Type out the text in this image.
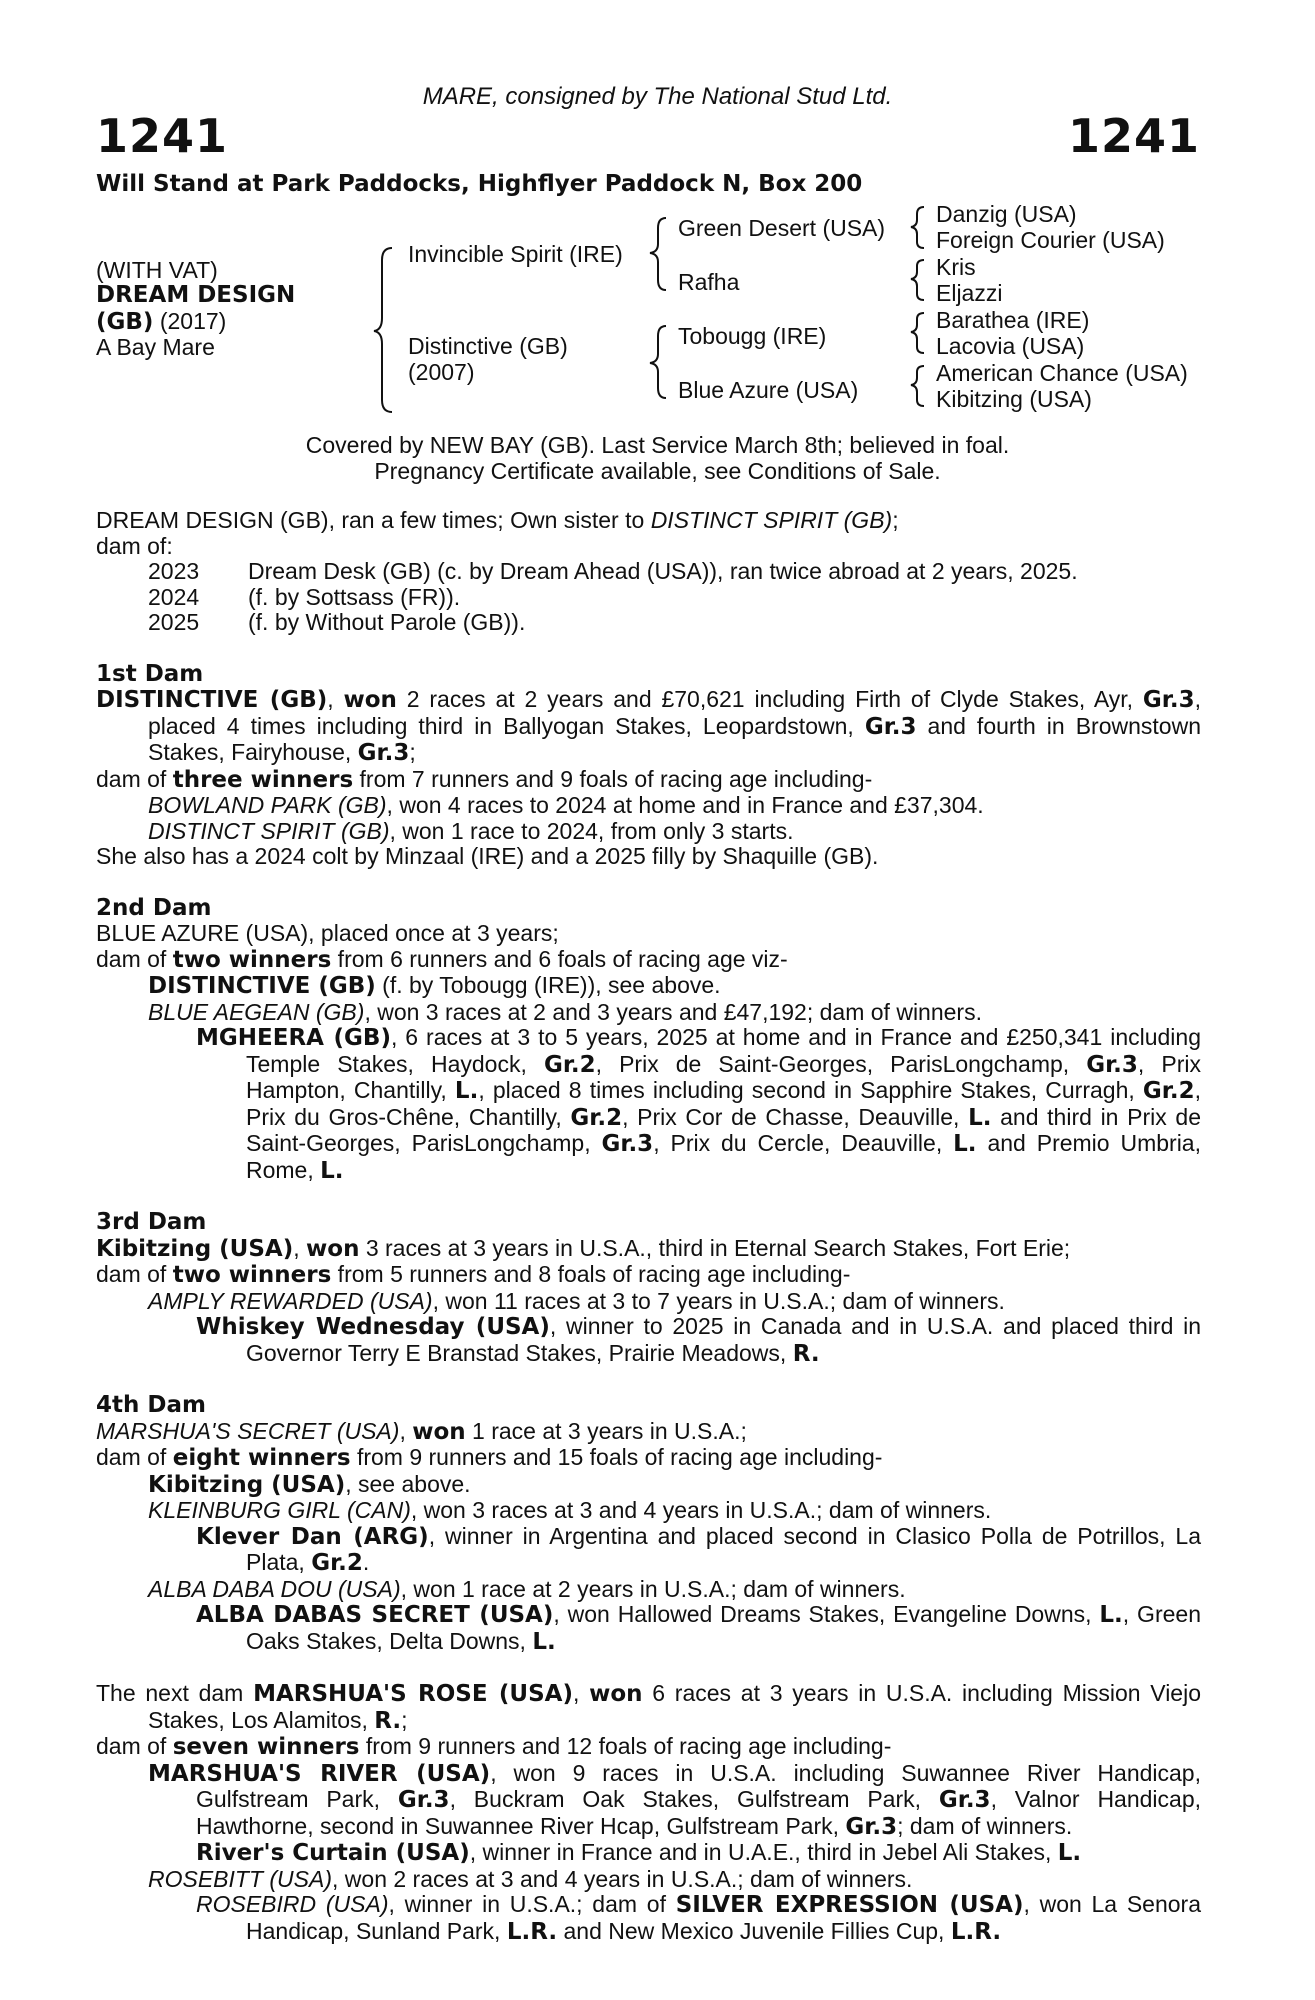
MARE, consigned by The National Stud Ltd.
1241	1241
Will Stand at Park Paddocks, Highflyer Paddock N, Box 200
(WITH VAT)
DREAM DESIGN
(GB) (2017)
A Bay Mare
Invincible Spirit (IRE)
Distinctive (GB)
(2007)
Green Desert (USA)
Rafha
Tobougg (IRE)
Blue Azure (USA)
Danzig (USA)
Foreign Courier (USA)
Kris
Eljazzi
Barathea (IRE)
Lacovia (USA)
American Chance (USA)
Kibitzing (USA)
Covered by NEW BAY (GB). Last Service March 8th; believed in foal.
Pregnancy Certificate available, see Conditions of Sale.

DREAM DESIGN (GB), ran a few times; Own sister to DISTINCT SPIRIT (GB);

dam of:

2023 Dream Desk (GB) (c. by Dream Ahead (USA)), ran twice abroad at 2 years, 2025.

2024 (f. by Sottsass (FR)).

2025 (f. by Without Parole (GB)).

1st Dam

DISTINCTIVE (GB), won 2 races at 2 years and £70,621 including Firth of Clyde Stakes, Ayr, Gr.3, placed 4 times including third in Ballyogan Stakes, Leopardstown, Gr.3 and fourth in Brownstown Stakes, Fairyhouse, Gr.3;

dam of three winners from 7 runners and 9 foals of racing age including-

BOWLAND PARK (GB), won 4 races to 2024 at home and in France and £37,304.

DISTINCT SPIRIT (GB), won 1 race to 2024, from only 3 starts.

She also has a 2024 colt by Minzaal (IRE) and a 2025 filly by Shaquille (GB).

2nd Dam

BLUE AZURE (USA), placed once at 3 years;

dam of two winners from 6 runners and 6 foals of racing age viz-

DISTINCTIVE (GB) (f. by Tobougg (IRE)), see above.

BLUE AEGEAN (GB), won 3 races at 2 and 3 years and £47,192; dam of winners.

MGHEERA (GB), 6 races at 3 to 5 years, 2025 at home and in France and £250,341 including Temple Stakes, Haydock, Gr.2, Prix de Saint-Georges, ParisLongchamp, Gr.3, Prix Hampton, Chantilly, L., placed 8 times including second in Sapphire Stakes, Curragh, Gr.2, Prix du Gros-Chêne, Chantilly, Gr.2, Prix Cor de Chasse, Deauville, L. and third in Prix de Saint-Georges, ParisLongchamp, Gr.3, Prix du Cercle, Deauville, L. and Premio Umbria, Rome, L.

3rd Dam

Kibitzing (USA), won 3 races at 3 years in U.S.A., third in Eternal Search Stakes, Fort Erie;

dam of two winners from 5 runners and 8 foals of racing age including-

AMPLY REWARDED (USA), won 11 races at 3 to 7 years in U.S.A.; dam of winners.

Whiskey Wednesday (USA), winner to 2025 in Canada and in U.S.A. and placed third in Governor Terry E Branstad Stakes, Prairie Meadows, R.

4th Dam

MARSHUA'S SECRET (USA), won 1 race at 3 years in U.S.A.;

dam of eight winners from 9 runners and 15 foals of racing age including-

Kibitzing (USA), see above.

KLEINBURG GIRL (CAN), won 3 races at 3 and 4 years in U.S.A.; dam of winners.

Klever Dan (ARG), winner in Argentina and placed second in Clasico Polla de Potrillos, La Plata, Gr.2.

ALBA DABA DOU (USA), won 1 race at 2 years in U.S.A.; dam of winners.

ALBA DABAS SECRET (USA), won Hallowed Dreams Stakes, Evangeline Downs, L., Green Oaks Stakes, Delta Downs, L.

The next dam MARSHUA'S ROSE (USA), won 6 races at 3 years in U.S.A. including Mission Viejo Stakes, Los Alamitos, R.;

dam of seven winners from 9 runners and 12 foals of racing age including-

MARSHUA'S RIVER (USA), won 9 races in U.S.A. including Suwannee River Handicap, Gulfstream Park, Gr.3, Buckram Oak Stakes, Gulfstream Park, Gr.3, Valnor Handicap, Hawthorne, second in Suwannee River Hcap, Gulfstream Park, Gr.3; dam of winners.

River's Curtain (USA), winner in France and in U.A.E., third in Jebel Ali Stakes, L.

ROSEBITT (USA), won 2 races at 3 and 4 years in U.S.A.; dam of winners.

ROSEBIRD (USA), winner in U.S.A.; dam of SILVER EXPRESSION (USA), won La Senora Handicap, Sunland Park, L.R. and New Mexico Juvenile Fillies Cup, L.R.
